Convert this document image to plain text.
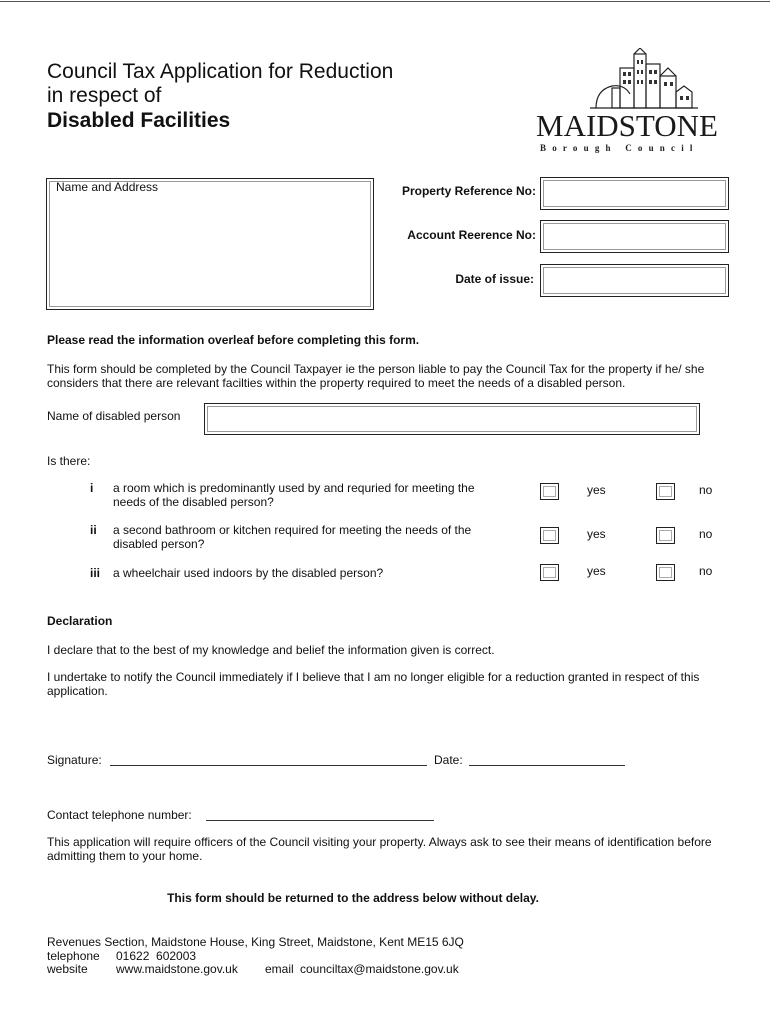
Council Tax Application for Reduction
in respect of
Disabled Facilities	MAIDSTONE
Borough Council
Name and Address	Property Reference No:
Account Reerence No:
Date of issue:
Please read the information overleaf before completing this form.
This form should be completed by the Council Taxpayer ie the person liable to pay the Council Tax for the property if he/ she considers that there are relevant facilties within the property required to meet the needs of a disabled person.
Name of disabled person
Is there:
i a room which is predominantly used by and requried for meeting the needs of the disabled person?
yes	no
ii a second bathroom or kitchen required for meeting the needs of the disabled person?
yes	no
iii a wheelchair used indoors by the disabled person?	yes	no
Declaration
I declare that to the best of my knowledge and belief the information given is correct.
I undertake to notify the Council immediately if I believe that I am no longer eligible for a reduction granted in respect of this application.
Signature:	Date:
Contact telephone number:
This application will require officers of the Council visiting your property. Always ask to see their means of identification before admitting them to your home.
This form should be returned to the address below without delay.
Revenues Section, Maidstone House, King Street, Maidstone, Kent ME15 6JQ
telephone 01622  602003
website www.maidstone.gov.uk email counciltax@maidstone.gov.uk
